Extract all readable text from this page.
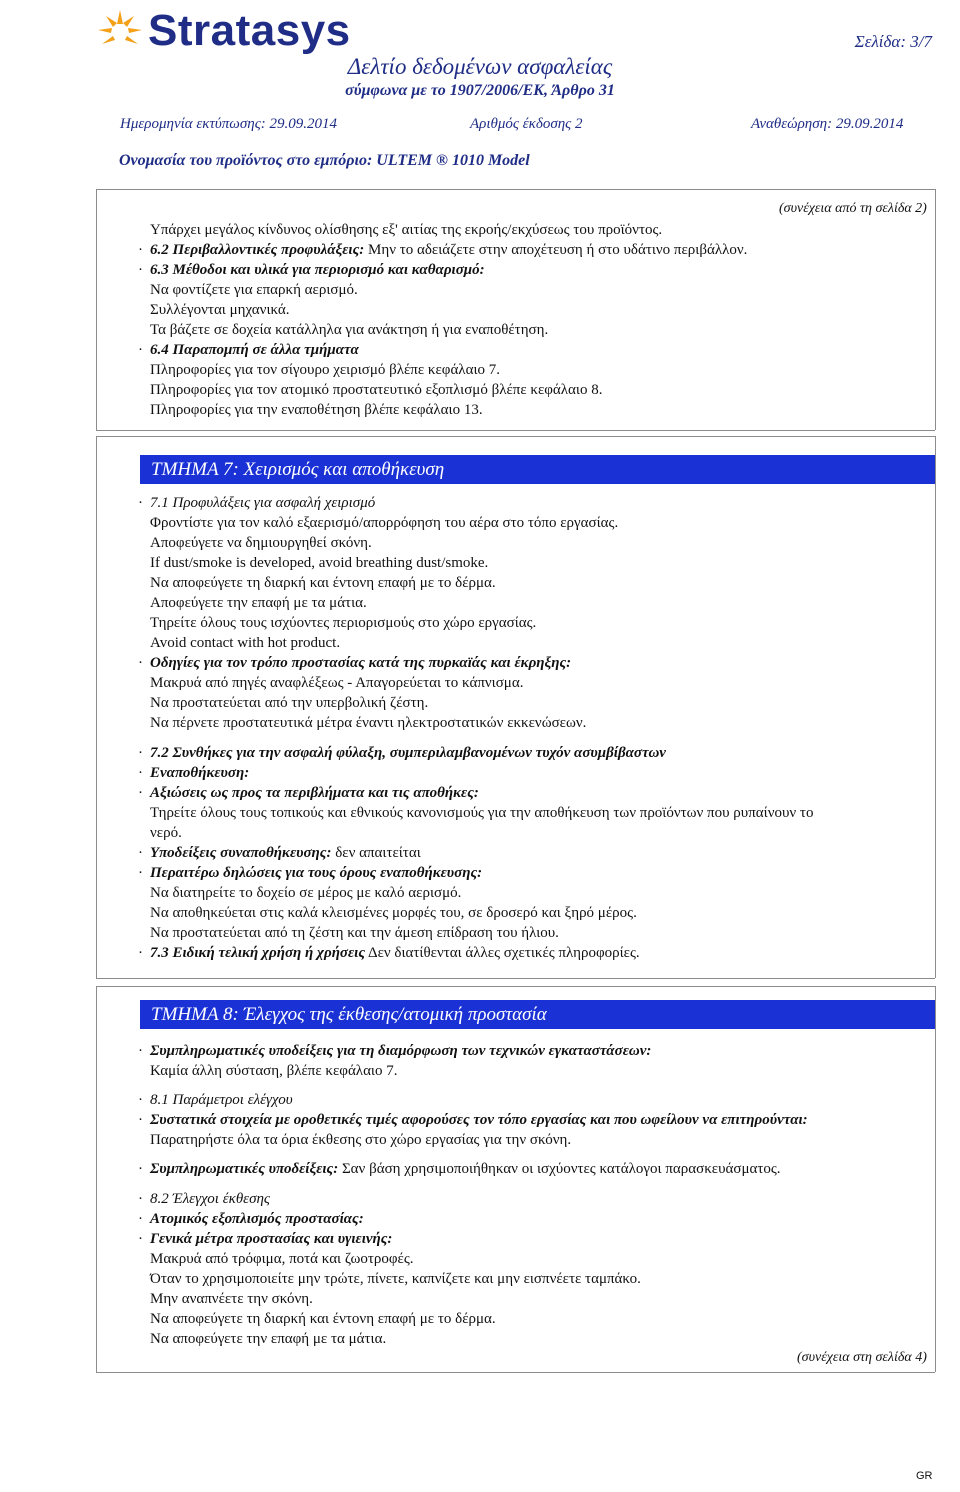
Stratasys	Σελίδα: 3/7
Δελτίο δεδομένων ασφαλείας
σύμφωνα με το 1907/2006/ΕΚ, Άρθρο 31
Ημερομηνία εκτύπωσης: 29.09.2014	Αριθμός έκδοσης 2	Αναθεώρηση: 29.09.2014
Ονομασία του προϊόντος στο εμπόριο: ULTEM ® 1010 Model
(συνέχεια από τη σελίδα 2)
Υπάρχει μεγάλος κίνδυνος ολίσθησης εξ' αιτίας της εκροής/εκχύσεως του προϊόντος.
· 6.2 Περιβαλλοντικές προφυλάξεις: Μην το αδειάζετε στην αποχέτευση ή στο υδάτινο περιβάλλον.
· 6.3 Μέθοδοι και υλικά για περιορισμό και καθαρισμό:
Να φοντίζετε για επαρκή αερισμό.
Συλλέγονται μηχανικά.
Τα βάζετε σε δοχεία κατάλληλα για ανάκτηση ή για εναποθέτηση.
· 6.4 Παραπομπή σε άλλα τμήματα
Πληροφορίες για τον σίγουρο χειρισμό βλέπε κεφάλαιο 7.
Πληροφορίες για τον ατομικό προστατευτικό εξοπλισμό βλέπε κεφάλαιο 8.
Πληροφορίες για την εναποθέτηση βλέπε κεφάλαιο 13.
ΤΜΗΜΑ 7: Χειρισμός και αποθήκευση
· 7.1 Προφυλάξεις για ασφαλή χειρισμό
Φροντίστε για τον καλό εξαερισμό/απορρόφηση του αέρα στο τόπο εργασίας.
Αποφεύγετε να δημιουργηθεί σκόνη.
If dust/smoke is developed, avoid breathing dust/smoke.
Να αποφεύγετε τη διαρκή και έντονη επαφή με το δέρμα.
Αποφεύγετε την επαφή με τα μάτια.
Τηρείτε όλους τους ισχύοντες περιορισμούς στο χώρο εργασίας.
Avoid contact with hot product.
· Οδηγίες για τον τρόπο προστασίας κατά της πυρκαϊάς και έκρηξης:
Μακρυά από πηγές αναφλέξεως - Απαγορεύεται το κάπνισμα.
Να προστατεύεται από την υπερβολική ζέστη.
Να πέρνετε προστατευτικά μέτρα έναντι ηλεκτροστατικών εκκενώσεων.
· 7.2 Συνθήκες για την ασφαλή φύλαξη, συμπεριλαμβανομένων τυχόν ασυμβίβαστων
· Εναποθήκευση:
· Αξιώσεις ως προς τα περιβλήματα και τις αποθήκες:
Τηρείτε όλους τους τοπικούς και εθνικούς κανονισμούς για την αποθήκευση των προϊόντων που ρυπαίνουν το
νερό.
· Υποδείξεις συναποθήκευσης: δεν απαιτείται
· Περαιτέρω δηλώσεις για τους όρους εναποθήκευσης:
Να διατηρείτε το δοχείο σε μέρος με καλό αερισμό.
Να αποθηκεύεται στις καλά κλεισμένες μορφές του, σε δροσερό και ξηρό μέρος.
Να προστατεύεται από τη ζέστη και την άμεση επίδραση του ήλιου.
· 7.3 Ειδική τελική χρήση ή χρήσεις Δεν διατίθενται άλλες σχετικές πληροφορίες.
ΤΜΗΜΑ 8: Έλεγχος της έκθεσης/ατομική προστασία
· Συμπληρωματικές υποδείξεις για τη διαμόρφωση των τεχνικών εγκαταστάσεων:
Καμία άλλη σύσταση, βλέπε κεφάλαιο 7.
· 8.1 Παράμετροι ελέγχου
· Συστατικά στοιχεία με οροθετικές τιμές αφορούσες τον τόπο εργασίας και που ωφείλουν να επιτηρούνται:
Παρατηρήστε όλα τα όρια έκθεσης στο χώρο εργασίας για την σκόνη.
· Συμπληρωματικές υποδείξεις: Σαν βάση χρησιμοποιήθηκαν οι ισχύοντες κατάλογοι παρασκευάσματος.
· 8.2 Έλεγχοι έκθεσης
· Ατομικός εξοπλισμός προστασίας:
· Γενικά μέτρα προστασίας και υγιεινής:
Μακρυά από τρόφιμα, ποτά και ζωοτροφές.
Όταν το χρησιμοποιείτε μην τρώτε, πίνετε, καπνίζετε και μην εισπνέετε ταμπάκο.
Μην αναπνέετε την σκόνη.
Να αποφεύγετε τη διαρκή και έντονη επαφή με το δέρμα.
Να αποφεύγετε την επαφή με τα μάτια.
(συνέχεια στη σελίδα 4)
GR
